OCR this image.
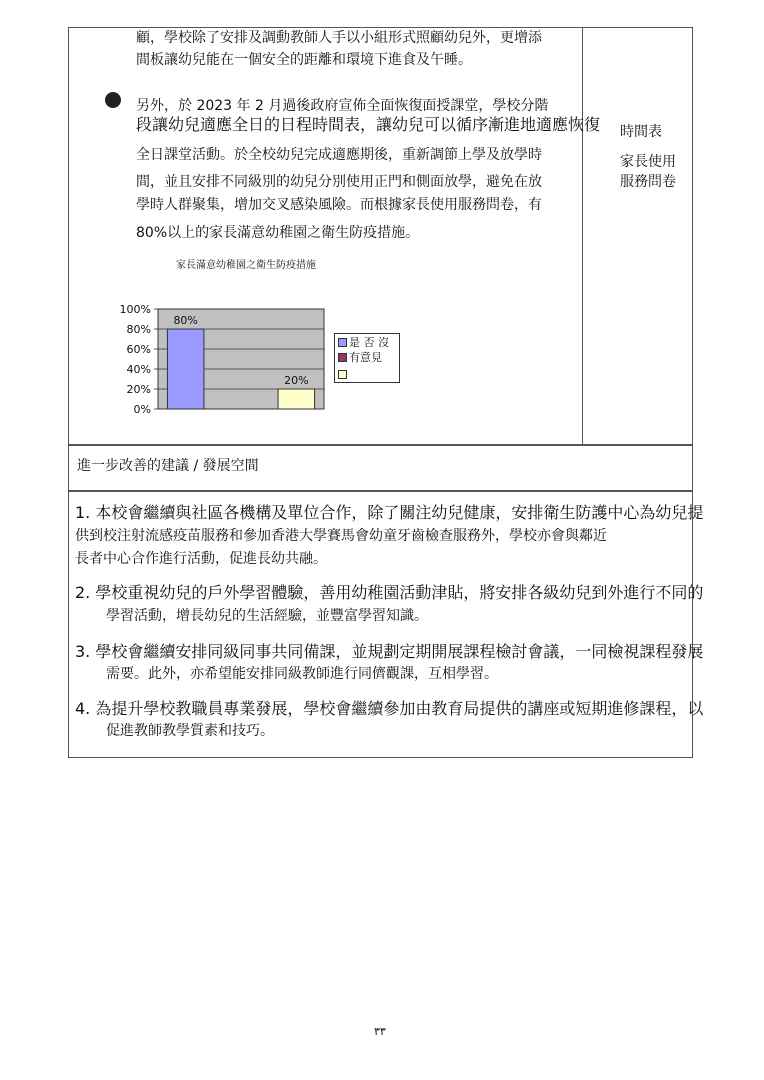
顧，學校除了安排及調動教師人手以小組形式照顧幼兒外，更增添
間板讓幼兒能在一個安全的距離和環境下進食及午睡。
另外，於 2023 年 2 月過後政府宣佈全面恢復面授課堂，學校分階
段讓幼兒適應全日的日程時間表，讓幼兒可以循序漸進地適應恢復
全日課堂活動。於全校幼兒完成適應期後，重新調節上學及放學時
間，並且安排不同級別的幼兒分別使用正門和側面放學，避免在放
學時人群聚集，增加交叉感染風險。而根據家長使用服務問卷，有
80%以上的家長滿意幼稚園之衛生防疫措施。
時間表
家長使用
服務問卷
家長滿意幼稚園之衛生防疫措施
100%
80%
60%
40%
20%
0%
80%
20%
是 否 沒
有意見
進一步改善的建議 / 發展空間
1. 本校會繼續與社區各機構及單位合作，除了關注幼兒健康，安排衛生防護中心為幼兒提
供到校注射流感疫苗服務和參加香港大學賽馬會幼童牙齒檢查服務外，學校亦會與鄰近
長者中心合作進行活動，促進長幼共融。
2. 學校重視幼兒的戶外學習體驗，善用幼稚園活動津貼，將安排各級幼兒到外進行不同的
學習活動，增長幼兒的生活經驗，並豐富學習知識。
3. 學校會繼續安排同級同事共同備課，並規劃定期開展課程檢討會議，一同檢視課程發展
需要。此外，亦希望能安排同級教師進行同儕觀課，互相學習。
4. 為提升學校教職員專業發展，學校會繼續參加由教育局提供的講座或短期進修課程，以
促進教師教學質素和技巧。
٣٣
